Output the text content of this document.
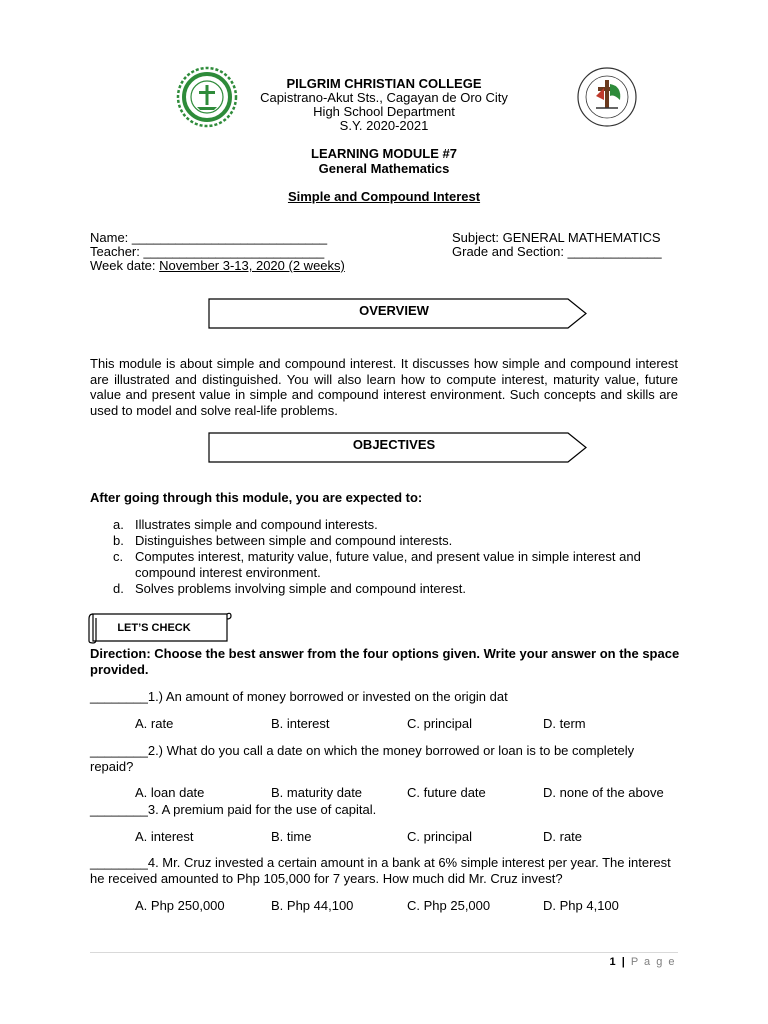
PILGRIM CHRISTIAN COLLEGE
Capistrano-Akut Sts., Cagayan de Oro City
High School Department
S.Y. 2020-2021
LEARNING MODULE #7
General Mathematics
Simple and Compound Interest
Name: ___________________________
Teacher: _________________________
Week date: November 3-13, 2020 (2 weeks)
Subject: GENERAL MATHEMATICS
Grade and Section: _____________
OVERVIEW
This module is about simple and compound interest. It discusses how simple and compound interest are illustrated and distinguished. You will also learn how to compute interest, maturity value, future value and present value in simple and compound interest environment. Such concepts and skills are used to model and solve real-life problems.
OBJECTIVES
After going through this module, you are expected to:
a. Illustrates simple and compound interests.
b. Distinguishes between simple and compound interests.
c. Computes interest, maturity value, future value, and present value in simple interest and compound interest environment.
d. Solves problems involving simple and compound interest.
LET’S CHECK
Direction: Choose the best answer from the four options given. Write your answer on the space provided.
________1.) An amount of money borrowed or invested on the origin dat
A. rate	B. interest	C. principal	D. term
________2.) What do you call a date on which the money borrowed or loan is to be completely repaid?
A. loan date	B. maturity date	C. future date	D. none of the above
________3. A premium paid for the use of capital.
A. interest	B. time	C. principal	D. rate
________4. Mr. Cruz invested a certain amount in a bank at 6% simple interest per year. The interest he received amounted to Php 105,000 for 7 years. How much did Mr. Cruz invest?
A. Php 250,000	B. Php 44,100	C. Php 25,000	D. Php 4,100
1 | P a g e
